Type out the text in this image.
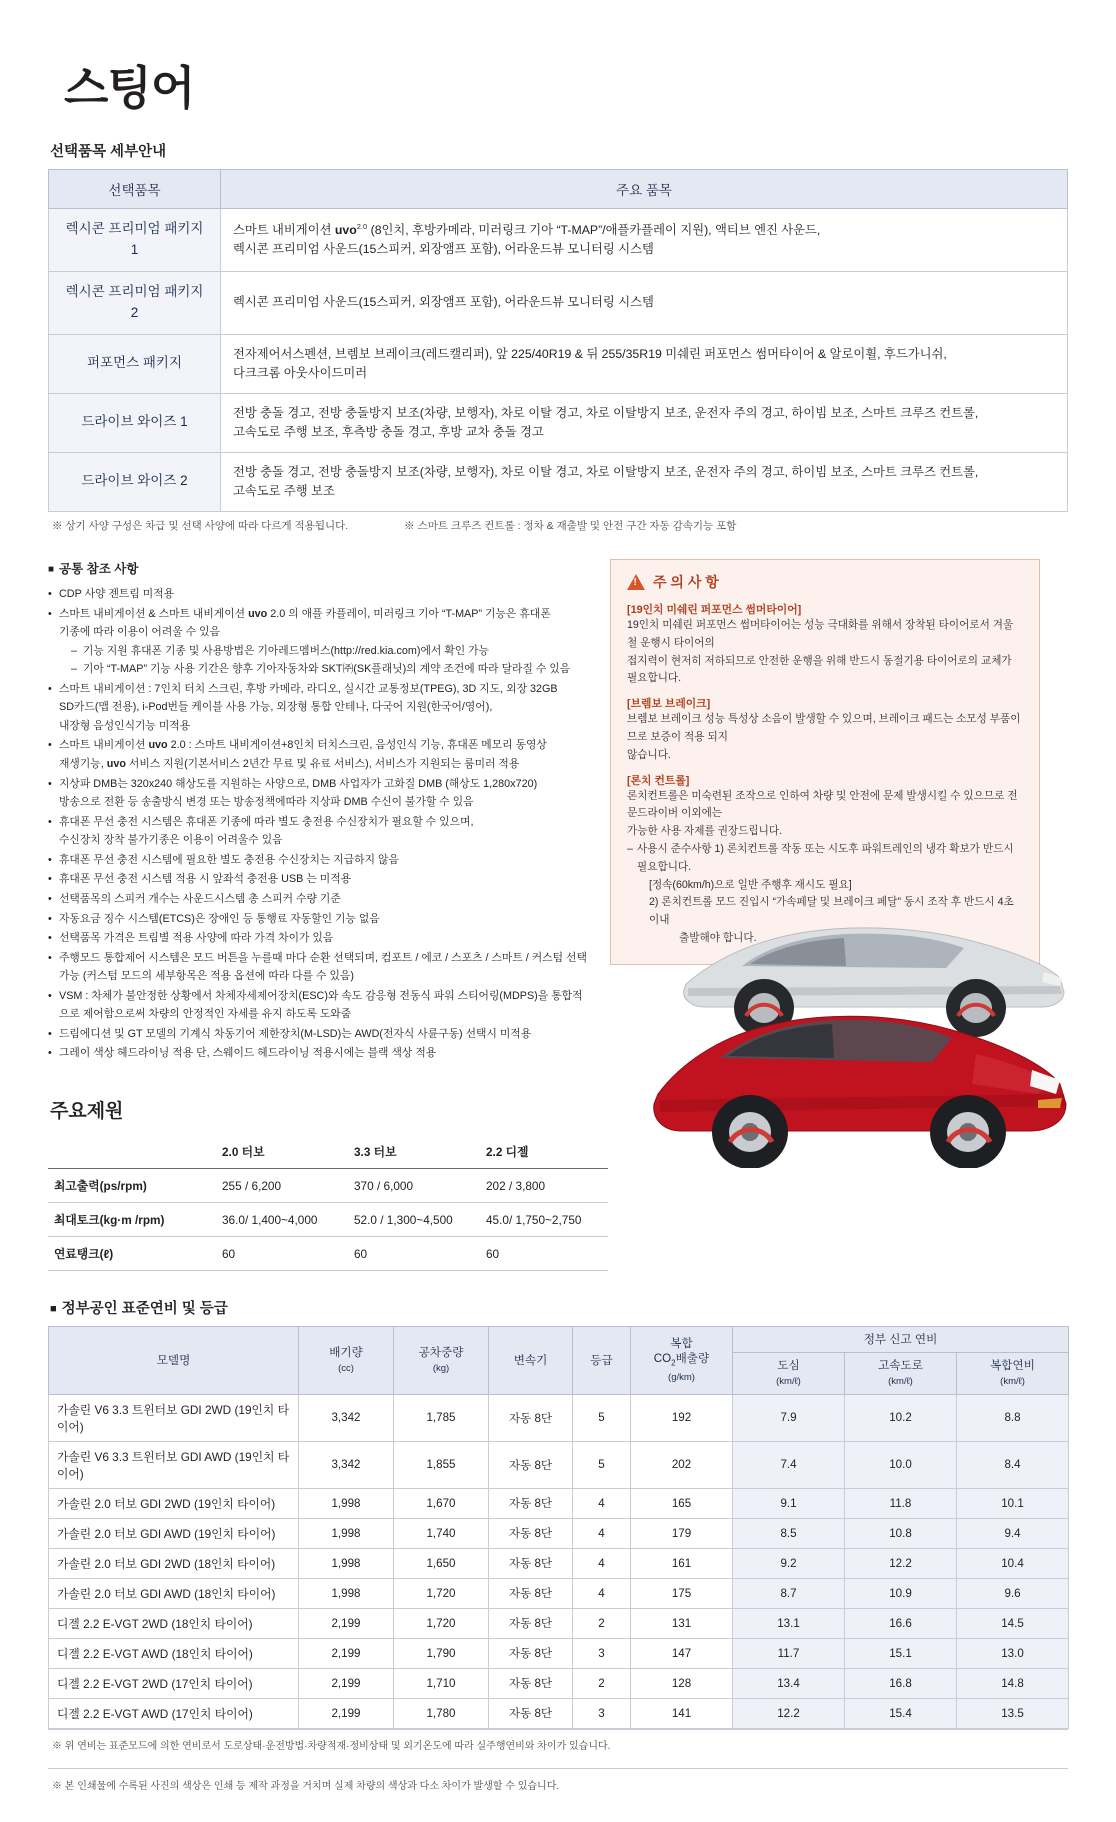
스팅어
선택품목 세부안내
선택품목	주요 품목
렉시콘 프리미엄 패키지 1	스마트 내비게이션 uvo$^{2.0}$ (8인치, 후방카메라, 미러링크 기아 “T-MAP”/애플카플레이 지원), 액티브 엔진 사운드,
렉시콘 프리미엄 사운드(15스피커, 외장앰프 포함), 어라운드뷰 모니터링 시스템
렉시콘 프리미엄 패키지 2	렉시콘 프리미엄 사운드(15스피커, 외장앰프 포함), 어라운드뷰 모니터링 시스템
퍼포먼스 패키지	전자제어서스펜션, 브렘보 브레이크(레드캘리퍼), 앞 225/40R19 & 뒤 255/35R19 미쉐린 퍼포먼스 썸머타이어 & 알로이휠, 후드가니쉬,
다크크롬 아웃사이드미러
드라이브 와이즈 1	전방 충돌 경고, 전방 충돌방지 보조(차량, 보행자), 차로 이탈 경고, 차로 이탈방지 보조, 운전자 주의 경고, 하이빔 보조, 스마트 크루즈 컨트롤,
고속도로 주행 보조, 후측방 충돌 경고, 후방 교차 충돌 경고
드라이브 와이즈 2	전방 충돌 경고, 전방 충돌방지 보조(차량, 보행자), 차로 이탈 경고, 차로 이탈방지 보조, 운전자 주의 경고, 하이빔 보조, 스마트 크루즈 컨트롤,
고속도로 주행 보조
※ 상기 사양 구성은 차급 및 선택 사양에 따라 다르게 적용됩니다.	※ 스마트 크루즈 컨트롤 : 정차 & 재출발 및 안전 구간 자동 감속기능 포함
■ 공통 참조 사항
• CDP 사양 젠트림 미적용
• 스마트 내비게이션 & 스마트 내비게이션 uvo 2.0 의 애플 카플레이, 미러링크 기아 “T-MAP” 기능은 휴대폰
기종에 따라 이용이 어려울 수 있음
– 기능 지원 휴대폰 기종 및 사용방법은 기아레드멤버스(http://red.kia.com)에서 확인 가능
– 기아 “T-MAP” 기능 사용 기간은 향후 기아자동차와 SKT㈜(SK플래닛)의 계약 조건에 따라 달라질 수 있음
• 스마트 내비게이션 : 7인치 터치 스크린, 후방 카메라, 라디오, 실시간 교통정보(TPEG), 3D 지도, 외장 32GB
SD카드(맵 전용), i-Pod번들 케이블 사용 가능, 외장형 통합 안테나, 다국어 지원(한국어/영어),
내장형 음성인식기능 미적용
• 스마트 내비게이션 uvo 2.0 : 스마트 내비게이션+8인치 터치스크린, 음성인식 기능, 휴대폰 메모리 동영상
재생기능, uvo 서비스 지원(기본서비스 2년간 무료 및 유료 서비스), 서비스가 지원되는 룸미러 적용
• 지상파 DMB는 320x240 해상도를 지원하는 사양으로, DMB 사업자가 고화질 DMB (해상도 1,280x720)
방송으로 전환 등 송출방식 변경 또는 방송정책에따라 지상파 DMB 수신이 불가할 수 있음
• 휴대폰 무선 충전 시스템은 휴대폰 기종에 따라 별도 충전용 수신장치가 필요할 수 있으며,
수신장치 장착 불가기종은 이용이 어려울수 있음
• 휴대폰 무선 충전 시스템에 필요한 별도 충전용 수신장치는 지급하지 않음
• 휴대폰 무선 충전 시스템 적용 시 앞좌석 충전용 USB 는 미적용
• 선택품목의 스피커 개수는 사운드시스템 총 스피커 수량 기준
• 자동요금 징수 시스템(ETCS)은 장애인 등 통행료 자동할인 기능 없음
• 선택품목 가격은 트림별 적용 사양에 따라 가격 차이가 있음
• 주행모드 통합제어 시스템은 모드 버튼을 누를때 마다 순환 선택되며, 컴포트 / 에코 / 스포츠 / 스마트 / 커스텀 선택
가능 (커스텀 모드의 세부항목은 적용 옵션에 따라 다를 수 있음)
• VSM : 차체가 불안정한 상황에서 차체자세제어장치(ESC)와 속도 감응형 전동식 파워 스티어링(MDPS)을 통합적
으로 제어함으로써 차량의 안정적인 자세를 유지 하도록 도와줌
• 드림에디션 및 GT 모델의 기계식 차동기어 제한장치(M-LSD)는 AWD(전자식 사륜구동) 선택시 미적용
• 그레이 색상 헤드라이닝 적용 단, 스웨이드 헤드라이닝 적용시에는 블랙 색상 적용
!
주 의 사 항
[19인치 미쉐린 퍼포먼스 썸머타이어]
19인치 미쉐린 퍼포먼스 썸머타이어는 성능 극대화를 위해서 장착된 타이어로서 겨울철 운행시 타이어의
접지력이 현저히 저하되므로 안전한 운행을 위해 반드시 동절기용 타이어로의 교체가 필요합니다.
[브렘보 브레이크]
브렘보 브레이크 성능 특성상 소음이 발생할 수 있으며, 브레이크 패드는 소모성 부품이므로 보증이 적용 되지
않습니다.
[론치 컨트롤]
론치컨트롤은 미숙련된 조작으로 인하여 차량 및 안전에 문제 발생시킬 수 있으므로 전문드라이버 이외에는
가능한 사용 자제를 권장드립니다.
– 사용시 준수사항 1) 론치컨트롤 작동 또는 시도후 파워트레인의 냉각 확보가 반드시 필요합니다.
[정속(60km/h)으로 일반 주행후 재시도 필요]
2) 론치컨트롤 모드 진입시 “가속페달 및 브레이크 페달” 동시 조작 후 반드시 4초 이내
출발해야 합니다.
주요제원
	2.0 터보	3.3 터보	2.2 디젤
최고출력(ps/rpm)	255 / 6,200	370 / 6,000	202 / 3,800
최대토크(kg·m /rpm)	36.0/ 1,400~4,000	52.0 / 1,300~4,500	45.0/ 1,750~2,750
연료탱크(ℓ)	60	60	60
■ 정부공인 표준연비 및 등급
모델명	배기량
(cc)	공차중량
(kg)	변속기	등급	복합
$CO_2$배출량
(g/km)	정부 신고 연비		
						도심
(km/ℓ)	고속도로
(km/ℓ)	복합연비
(km/ℓ)
가솔린 V6 3.3 트윈터보 GDI 2WD (19인치 타이어)	3,342	1,785	자동 8단	5	192	7.9	10.2	8.8
가솔린 V6 3.3 트윈터보 GDI AWD (19인치 타이어)	3,342	1,855	자동 8단	5	202	7.4	10.0	8.4
가솔린 2.0 터보 GDI 2WD (19인치 타이어)	1,998	1,670	자동 8단	4	165	9.1	11.8	10.1
가솔린 2.0 터보 GDI AWD (19인치 타이어)	1,998	1,740	자동 8단	4	179	8.5	10.8	9.4
가솔린 2.0 터보 GDI 2WD (18인치 타이어)	1,998	1,650	자동 8단	4	161	9.2	12.2	10.4
가솔린 2.0 터보 GDI AWD (18인치 타이어)	1,998	1,720	자동 8단	4	175	8.7	10.9	9.6
디젤 2.2 E-VGT 2WD (18인치 타이어)	2,199	1,720	자동 8단	2	131	13.1	16.6	14.5
디젤 2.2 E-VGT AWD (18인치 타이어)	2,199	1,790	자동 8단	3	147	11.7	15.1	13.0
디젤 2.2 E-VGT 2WD (17인치 타이어)	2,199	1,710	자동 8단	2	128	13.4	16.8	14.8
디젤 2.2 E-VGT AWD (17인치 타이어)	2,199	1,780	자동 8단	3	141	12.2	15.4	13.5
※ 위 연비는 표준모드에 의한 연비로서 도로상태·운전방법·차량적재·정비상태 및 외기온도에 따라 실주행연비와 차이가 있습니다.
※ 본 인쇄물에 수록된 사진의 색상은 인쇄 등 제작 과정을 거치며 실제 차량의 색상과 다소 차이가 발생할 수 있습니다.
